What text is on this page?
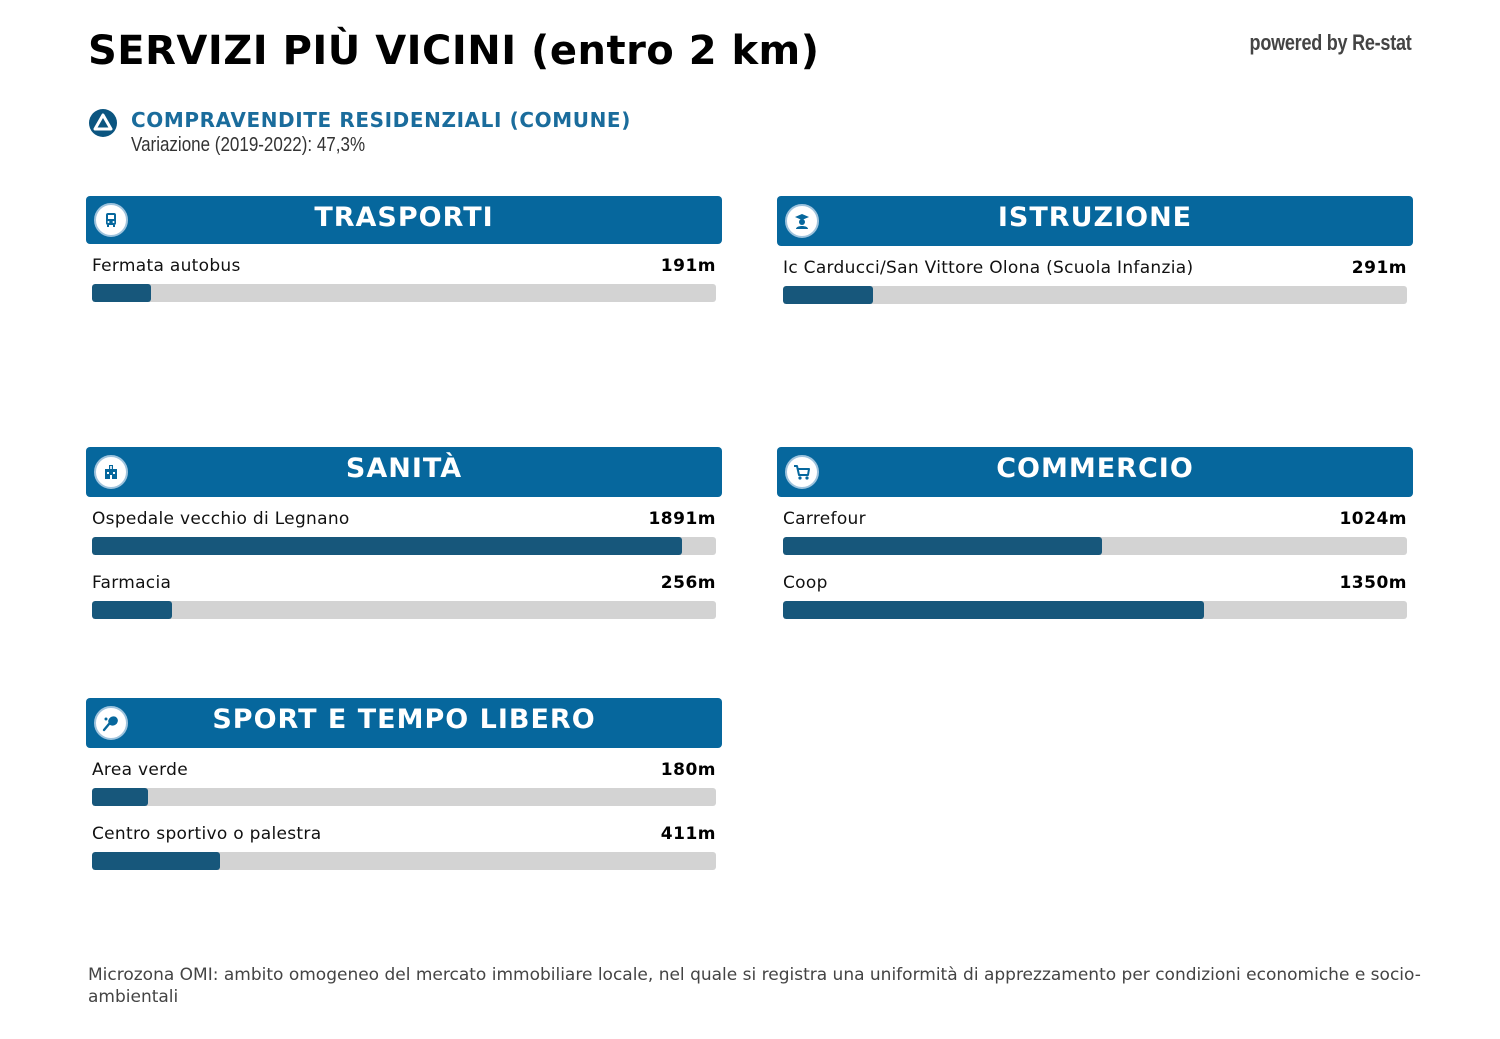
SERVIZI PIÙ VICINI (entro 2 km)	powered by Re-stat
COMPRAVENDITE RESIDENZIALI (COMUNE)
Variazione (2019-2022): 47,3%
TRASPORTI
Fermata autobus	191m
ISTRUZIONE
Ic Carducci/San Vittore Olona (Scuola Infanzia)	291m
SANITÀ
Ospedale vecchio di Legnano	1891m
Farmacia	256m
COMMERCIO
Carrefour	1024m
Coop	1350m
SPORT E TEMPO LIBERO
Area verde	180m
Centro sportivo o palestra	411m
Microzona OMI: ambito omogeneo del mercato immobiliare locale, nel quale si registra una uniformità di apprezzamento per condizioni economiche e socio-ambientali
